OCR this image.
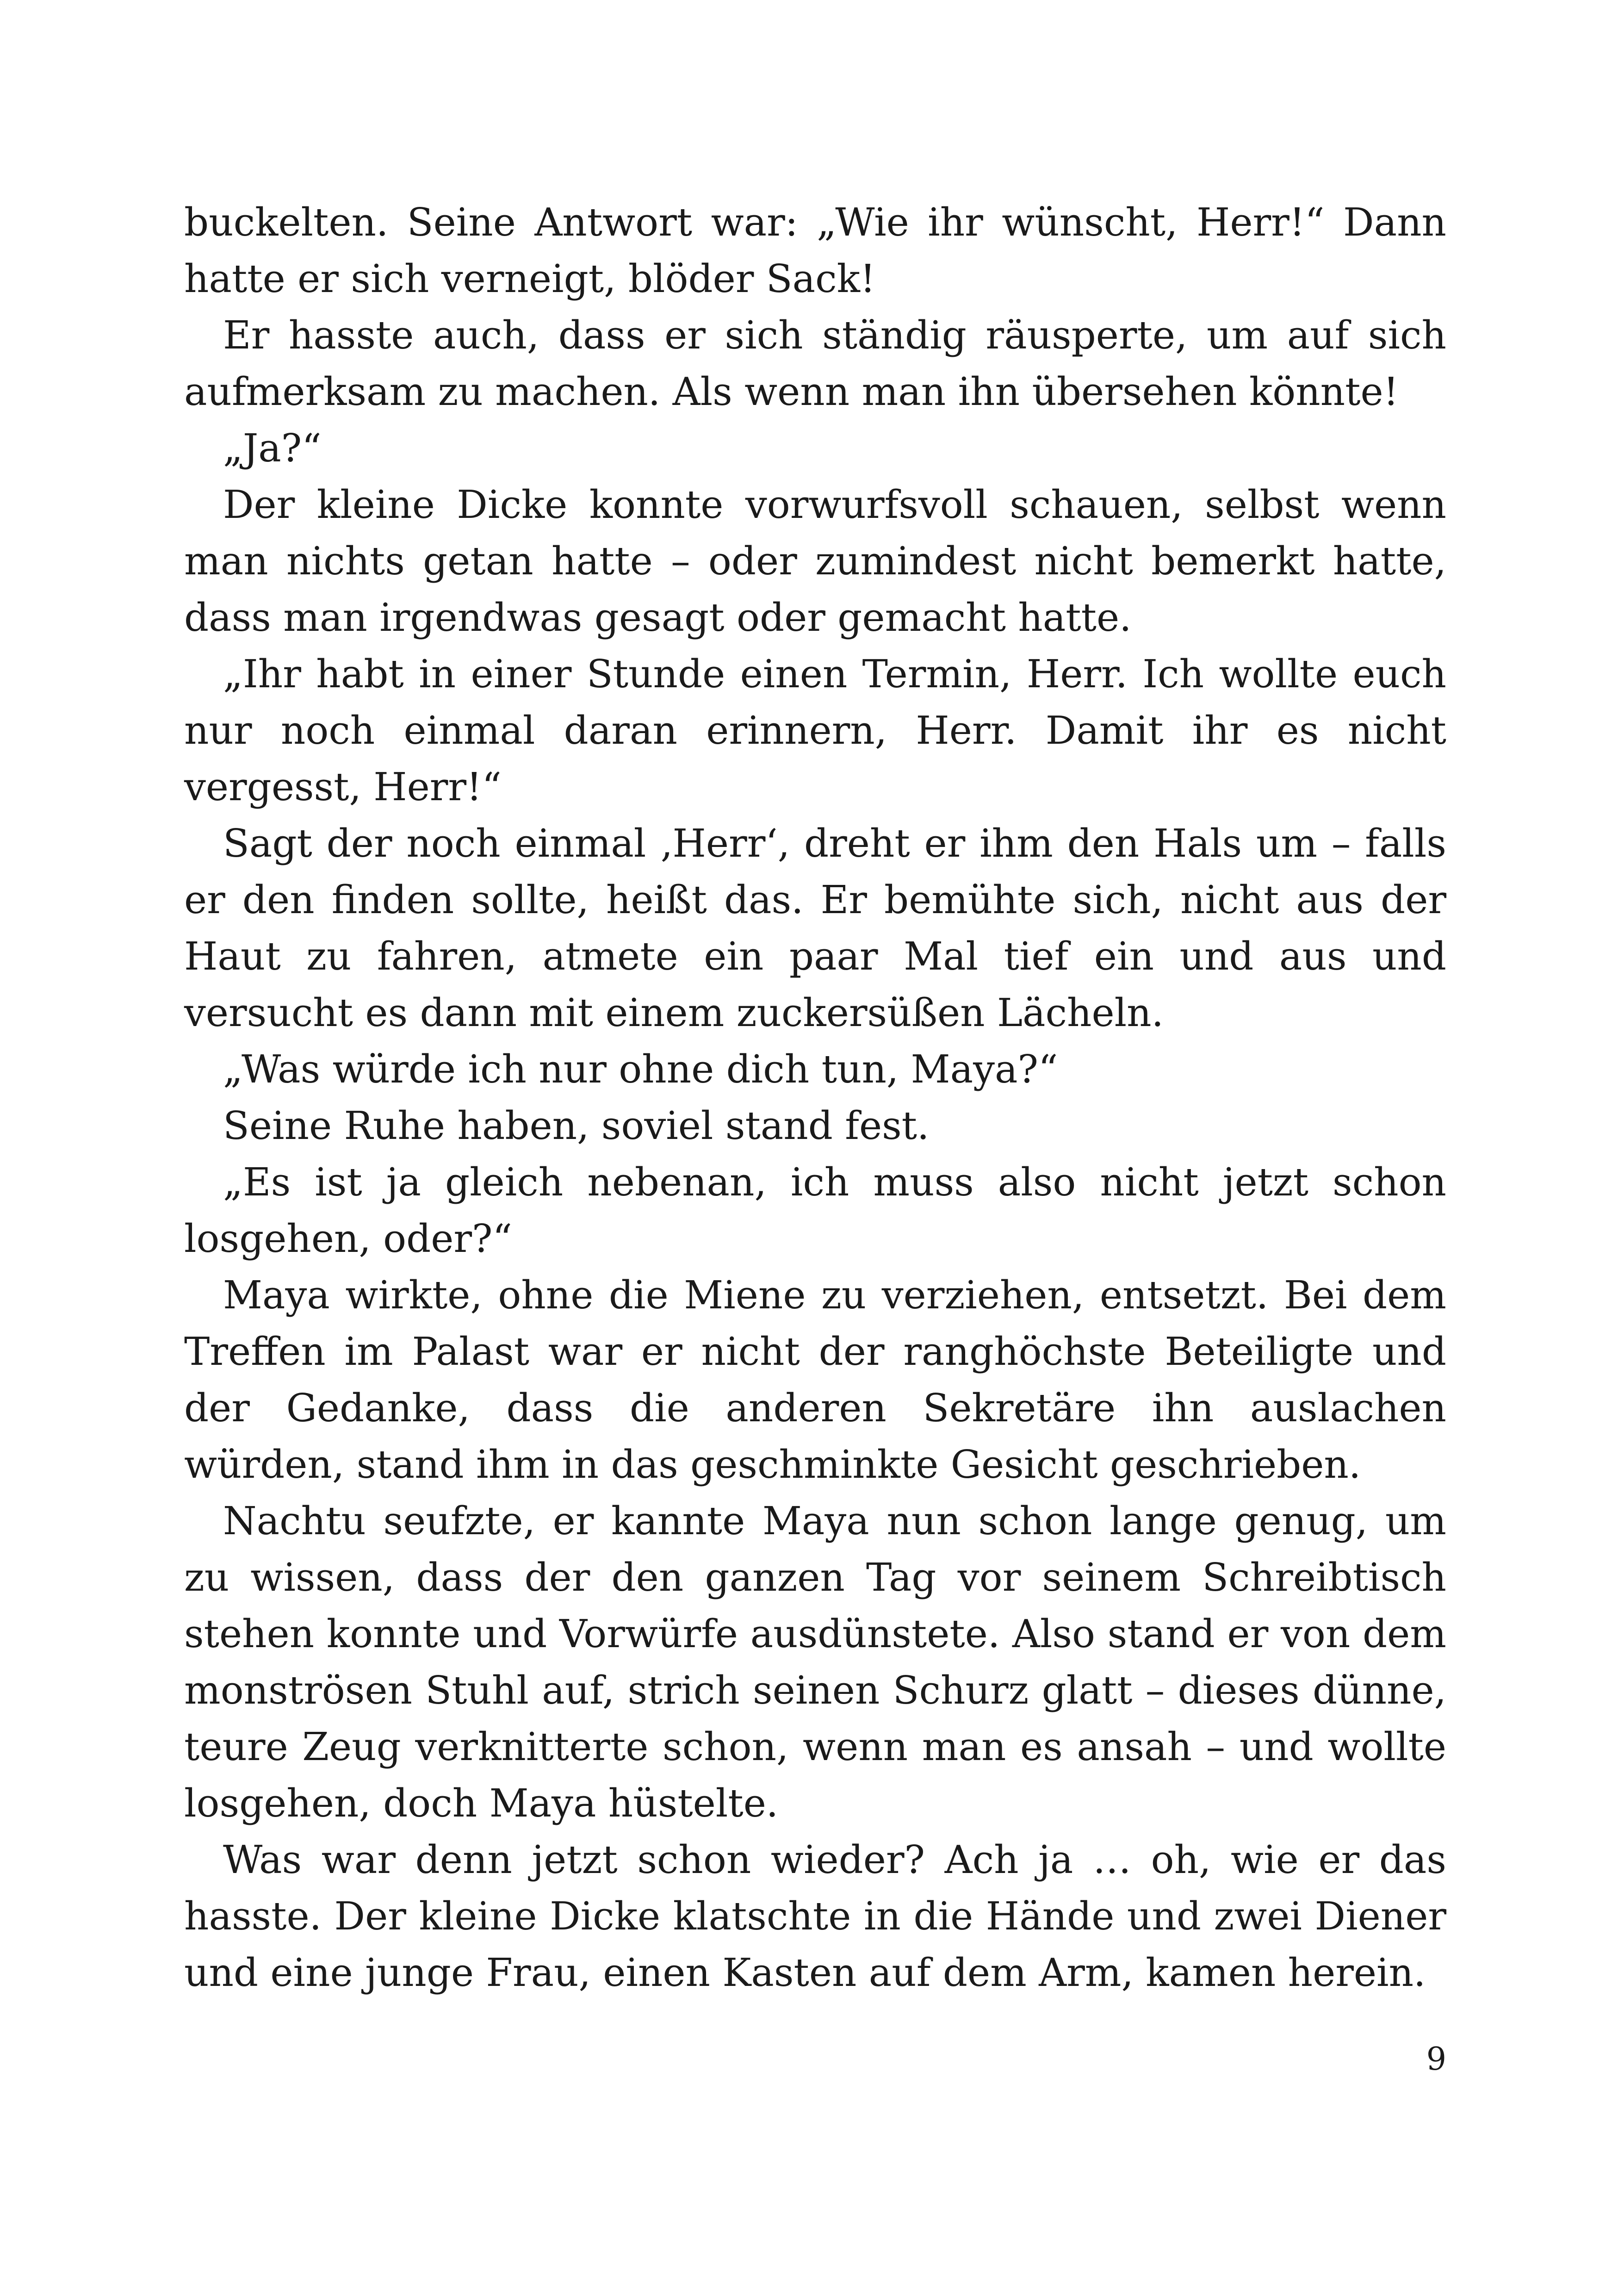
buckelten. Seine Antwort war: „Wie ihr wünscht, Herr!“ Dann hatte er sich verneigt, blöder Sack!

Er hasste auch, dass er sich ständig räusperte, um auf sich aufmerksam zu machen. Als wenn man ihn übersehen könnte!

„Ja?“

Der kleine Dicke konnte vorwurfsvoll schauen, selbst wenn man nichts getan hatte – oder zumindest nicht bemerkt hatte, dass man irgendwas gesagt oder gemacht hatte.

„Ihr habt in einer Stunde einen Termin, Herr. Ich wollte euch nur noch einmal daran erinnern, Herr. Damit ihr es nicht vergesst, Herr!“

Sagt der noch einmal ‚Herr‘, dreht er ihm den Hals um – falls er den finden sollte, heißt das. Er bemühte sich, nicht aus der Haut zu fahren, atmete ein paar Mal tief ein und aus und versucht es dann mit einem zuckersüßen Lächeln.

„Was würde ich nur ohne dich tun, Maya?“

Seine Ruhe haben, soviel stand fest.

„Es ist ja gleich nebenan, ich muss also nicht jetzt schon losgehen, oder?“

Maya wirkte, ohne die Miene zu verziehen, entsetzt. Bei dem Treffen im Palast war er nicht der ranghöchste Beteiligte und der Gedanke, dass die anderen Sekretäre ihn auslachen würden, stand ihm in das geschminkte Gesicht geschrieben.

Nachtu seufzte, er kannte Maya nun schon lange genug, um zu wissen, dass der den ganzen Tag vor seinem Schreibtisch stehen konnte und Vorwürfe ausdünstete. Also stand er von dem monströsen Stuhl auf, strich seinen Schurz glatt – dieses dünne, teure Zeug verknitterte schon, wenn man es ansah – und wollte losgehen, doch Maya hüstelte.

Was war denn jetzt schon wieder? Ach ja … oh, wie er das hasste. Der kleine Dicke klatschte in die Hände und zwei Diener und eine junge Frau, einen Kasten auf dem Arm, kamen herein.

9
